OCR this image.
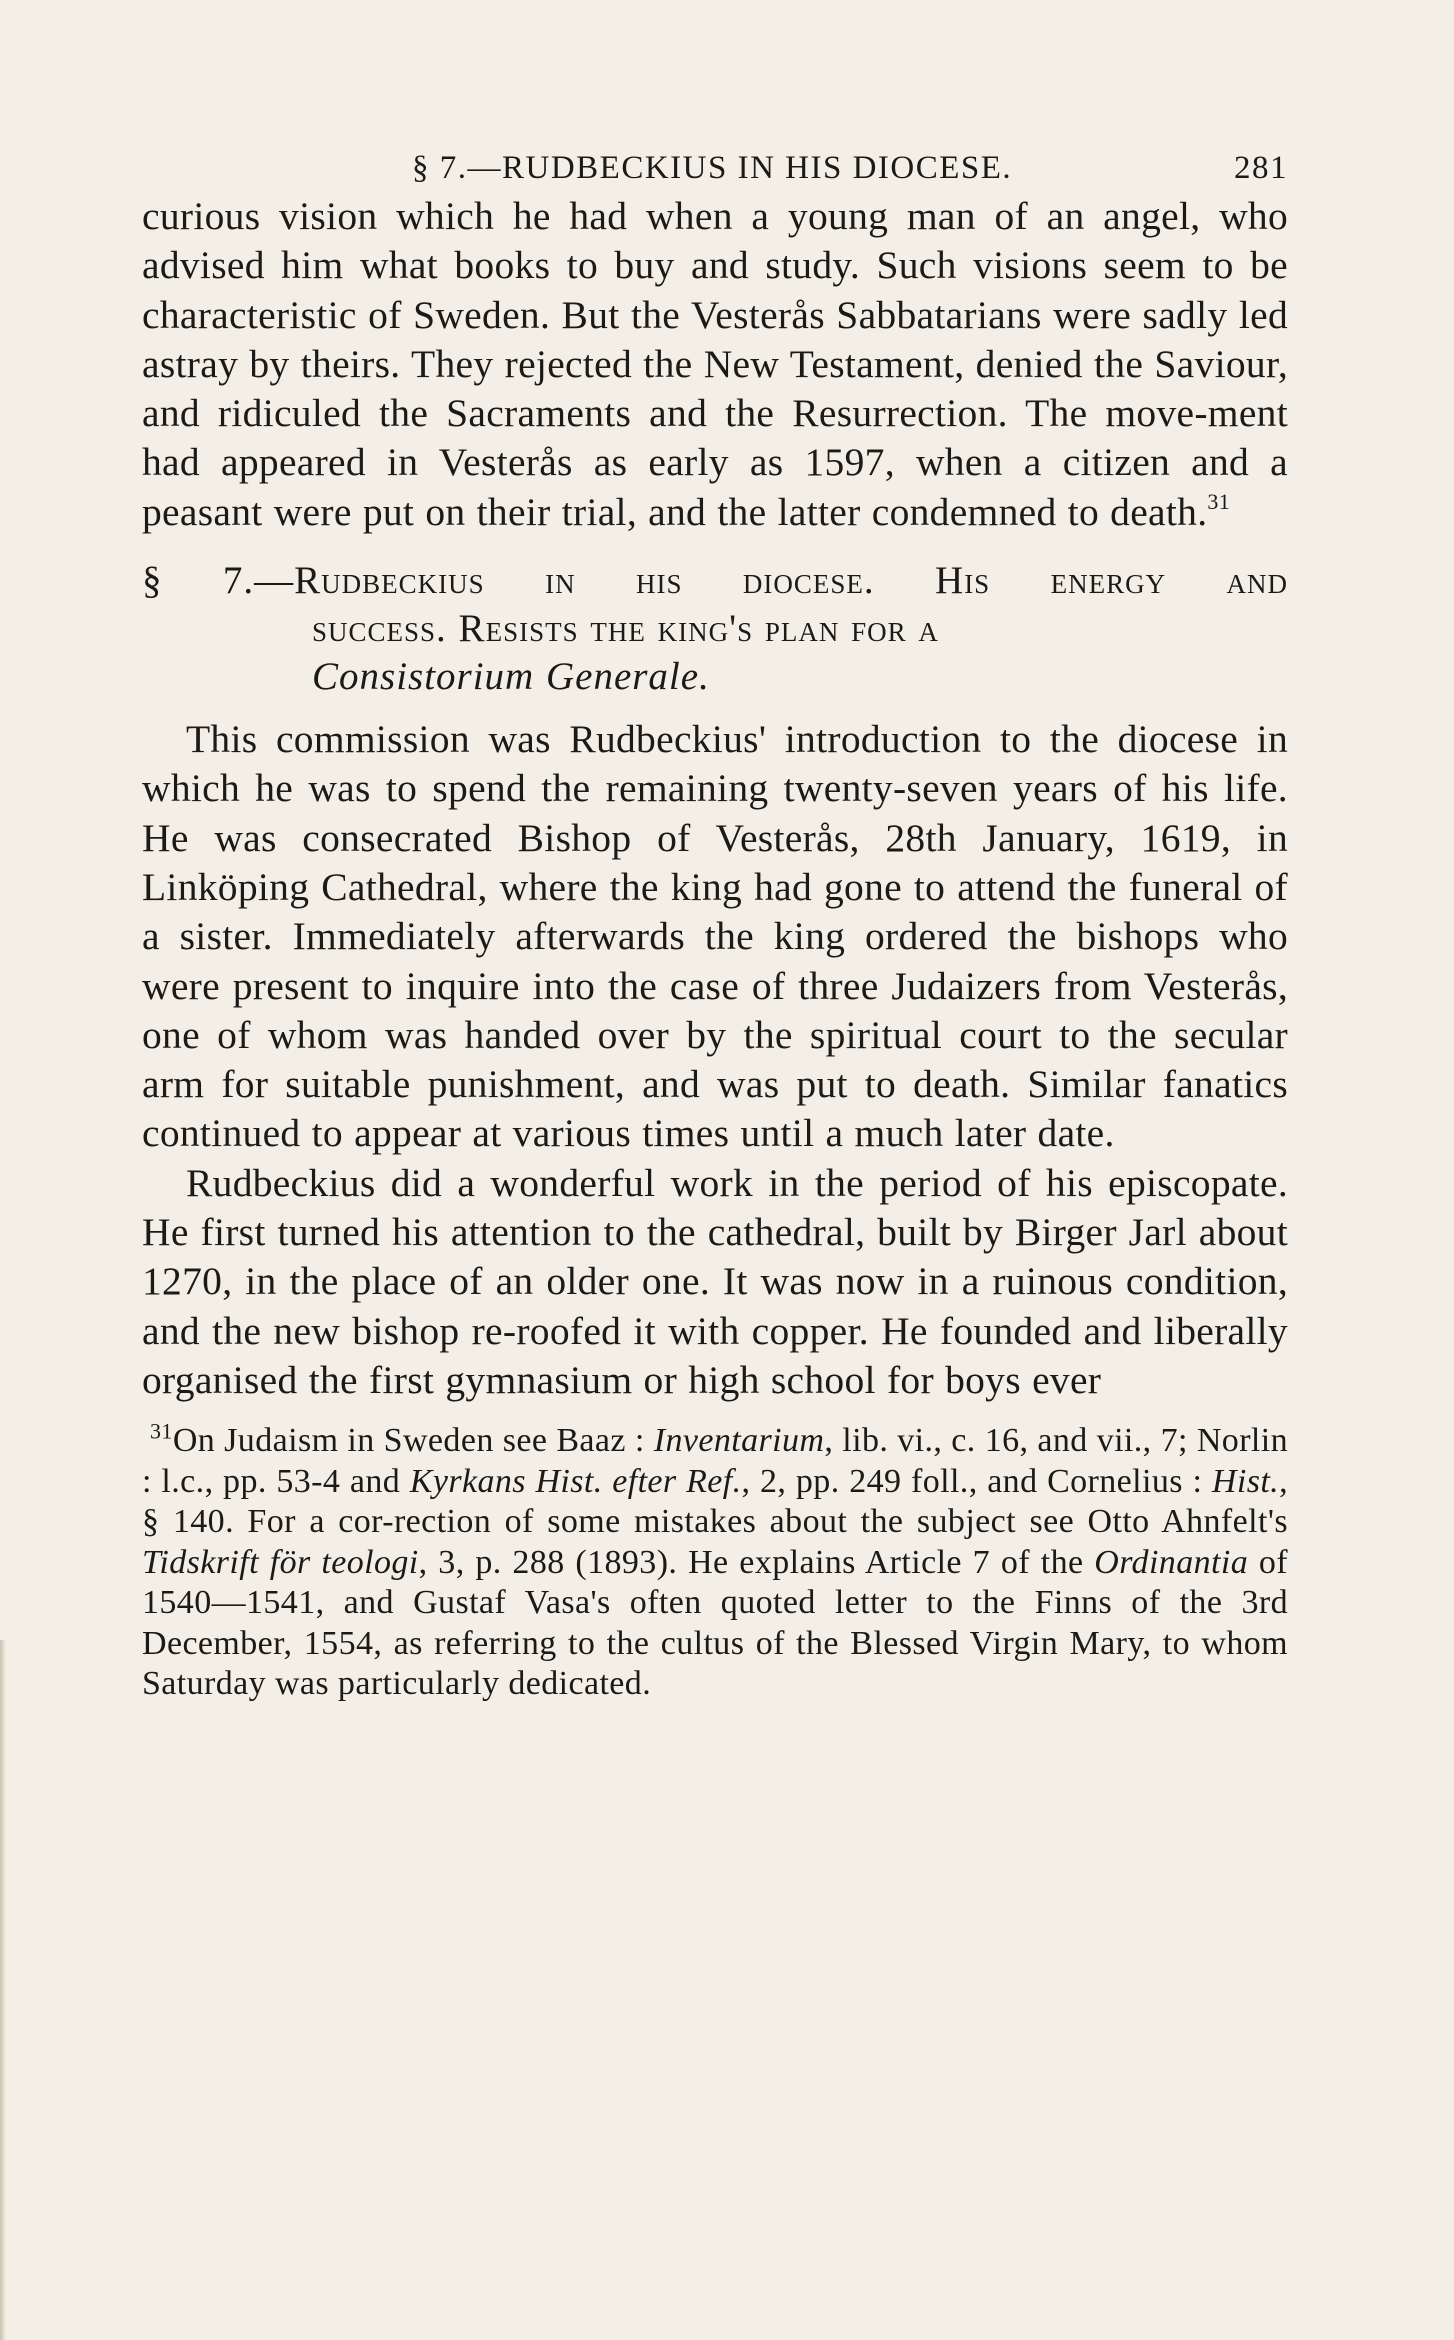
§ 7.—RUDBECKIUS IN HIS DIOCESE.	281

curious vision which he had when a young man of an angel, who advised him what books to buy and study. Such visions seem to be characteristic of Sweden. But the Vesterås Sabbatarians were sadly led astray by theirs. They rejected the New Testament, denied the Saviour, and ridiculed the Sacraments and the Resurrection. The move-ment had appeared in Vesterås as early as 1597, when a citizen and a peasant were put on their trial, and the latter condemned to death.$^{31}$

§ 7.—Rudbeckius in his diocese. His energy and
success. Resists the king's plan for a
Consistorium Generale.

This commission was Rudbeckius' introduction to the diocese in which he was to spend the remaining twenty-seven years of his life. He was consecrated Bishop of Vesterås, 28th January, 1619, in Linköping Cathedral, where the king had gone to attend the funeral of a sister. Immediately afterwards the king ordered the bishops who were present to inquire into the case of three Judaizers from Vesterås, one of whom was handed over by the spiritual court to the secular arm for suitable punishment, and was put to death. Similar fanatics continued to appear at various times until a much later date.

Rudbeckius did a wonderful work in the period of his episcopate. He first turned his attention to the cathedral, built by Birger Jarl about 1270, in the place of an older one. It was now in a ruinous condition, and the new bishop re-roofed it with copper. He founded and liberally organised the first gymnasium or high school for boys ever

$^{31}$On Judaism in Sweden see Baaz : Inventarium, lib. vi., c. 16, and vii., 7; Norlin : l.c., pp. 53-4 and Kyrkans Hist. efter Ref., 2, pp. 249 foll., and Cornelius : Hist., § 140. For a cor-rection of some mistakes about the subject see Otto Ahnfelt's Tidskrift för teologi, 3, p. 288 (1893). He explains Article 7 of the Ordinantia of 1540—1541, and Gustaf Vasa's often quoted letter to the Finns of the 3rd December, 1554, as referring to the cultus of the Blessed Virgin Mary, to whom Saturday was particularly dedicated.
